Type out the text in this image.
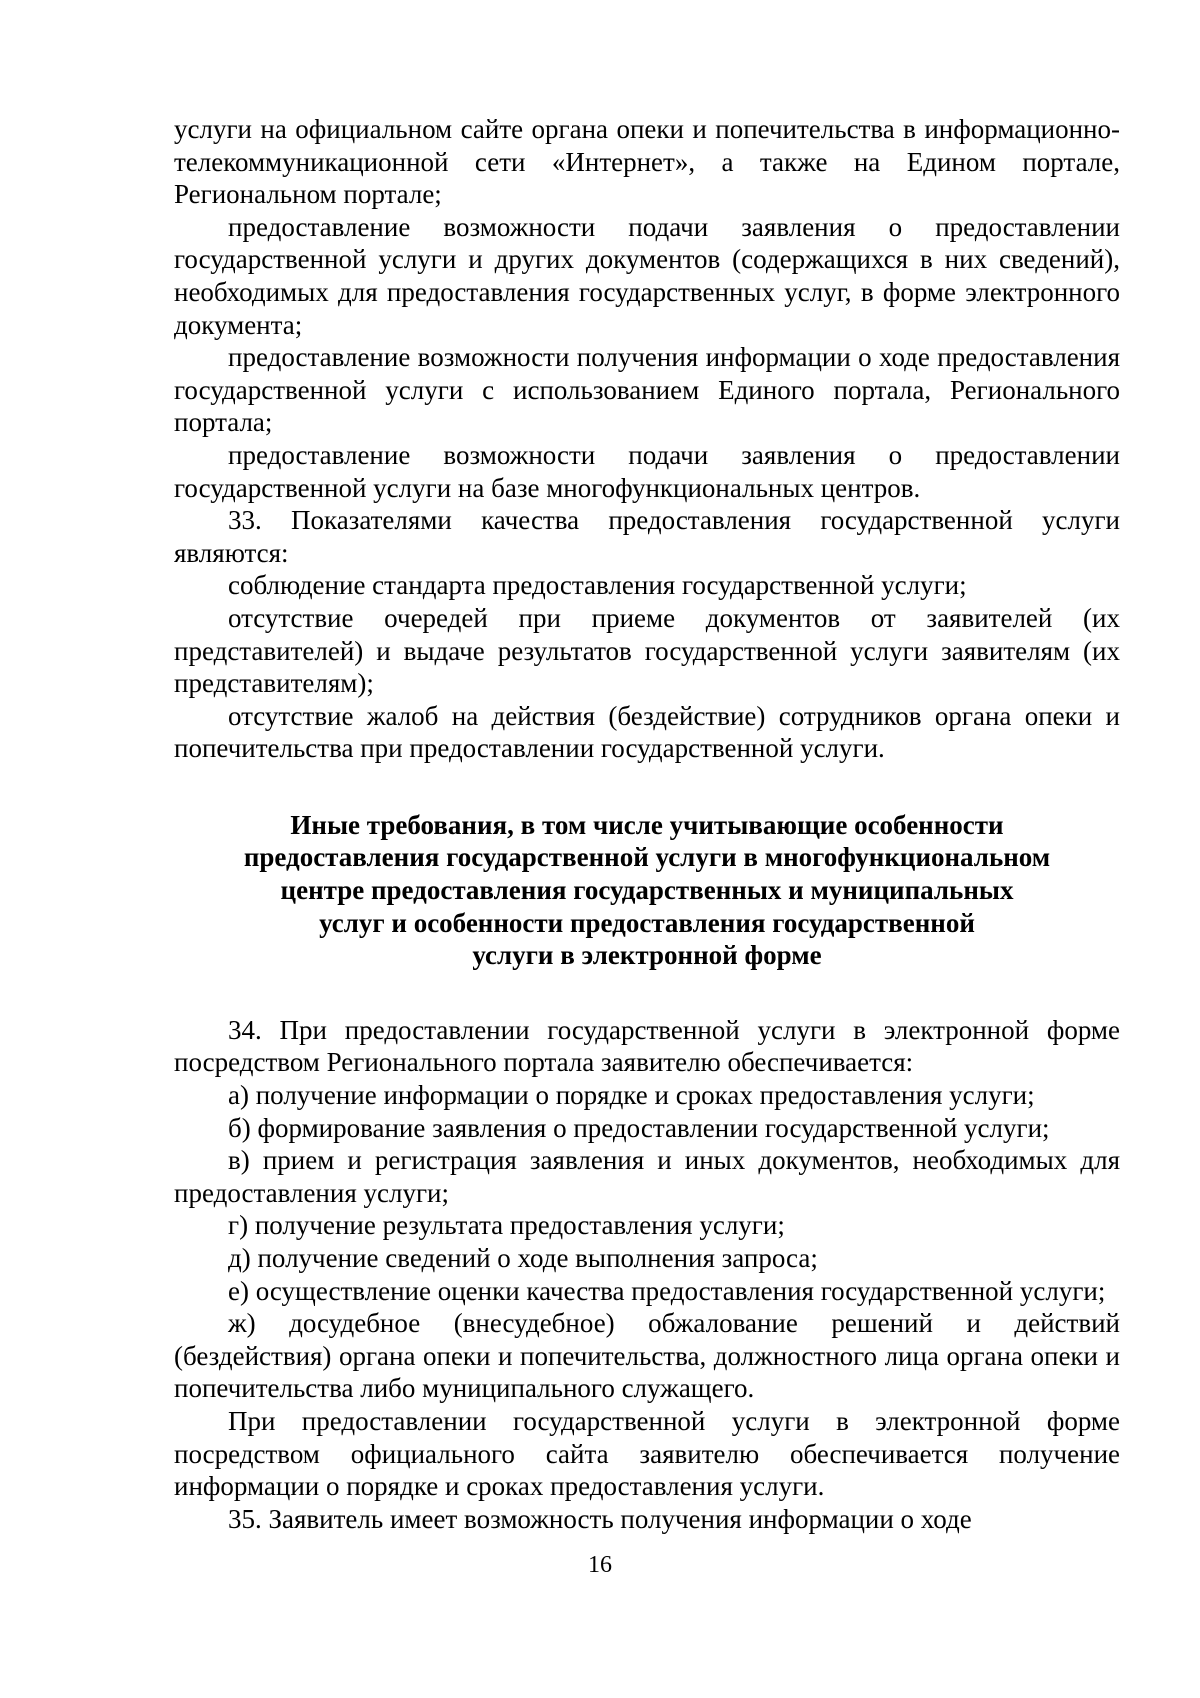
услуги на официальном сайте органа опеки и попечительства в информационно-телекоммуникационной сети «Интернет», а также на Едином портале, Региональном портале;

предоставление возможности подачи заявления о предоставлении государственной услуги и других документов (содержащихся в них сведений), необходимых для предоставления государственных услуг, в форме электронного документа;

предоставление возможности получения информации о ходе предоставления государственной услуги с использованием Единого портала, Регионального портала;

предоставление возможности подачи заявления о предоставлении государственной услуги на базе многофункциональных центров.

33. Показателями качества предоставления государственной услуги являются:

соблюдение стандарта предоставления государственной услуги;

отсутствие очередей при приеме документов от заявителей (их представителей) и выдаче результатов государственной услуги заявителям (их представителям);

отсутствие жалоб на действия (бездействие) сотрудников органа опеки и попечительства при предоставлении государственной услуги.

Иные требования, в том числе учитывающие особенности
предоставления государственной услуги в многофункциональном
центре предоставления государственных и муниципальных
услуг и особенности предоставления государственной
услуги в электронной форме

34. При предоставлении государственной услуги в электронной форме посредством Регионального портала заявителю обеспечивается:

а) получение информации о порядке и сроках предоставления услуги;

б) формирование заявления о предоставлении государственной услуги;

в) прием и регистрация заявления и иных документов, необходимых для предоставления услуги;

г) получение результата предоставления услуги;

д) получение сведений о ходе выполнения запроса;

е) осуществление оценки качества предоставления государственной услуги;

ж) досудебное (внесудебное) обжалование решений и действий (бездействия) органа опеки и попечительства, должностного лица органа опеки и попечительства либо муниципального служащего.

При предоставлении государственной услуги в электронной форме посредством официального сайта заявителю обеспечивается получение информации о порядке и сроках предоставления услуги.

35. Заявитель имеет возможность получения информации о ходе

16
